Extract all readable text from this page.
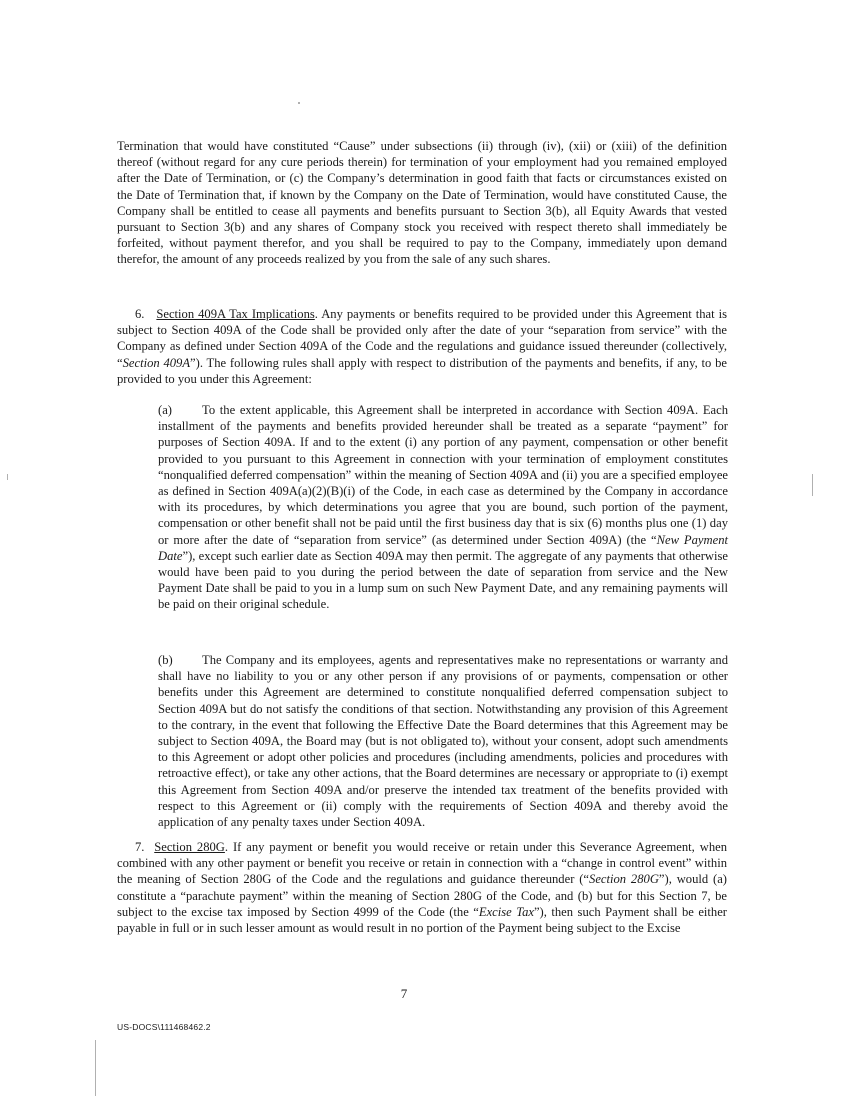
Termination that would have constituted “Cause” under subsections (ii) through (iv), (xii) or (xiii) of the definition thereof (without regard for any cure periods therein) for termination of your employment had you remained employed after the Date of Termination, or (c) the Company’s determination in good faith that facts or circumstances existed on the Date of Termination that, if known by the Company on the Date of Termination, would have constituted Cause, the Company shall be entitled to cease all payments and benefits pursuant to Section 3(b), all Equity Awards that vested pursuant to Section 3(b) and any shares of Company stock you received with respect thereto shall immediately be forfeited, without payment therefor, and you shall be required to pay to the Company, immediately upon demand therefor, the amount of any proceeds realized by you from the sale of any such shares.

6. Section 409A Tax Implications. Any payments or benefits required to be provided under this Agreement that is subject to Section 409A of the Code shall be provided only after the date of your “separation from service” with the Company as defined under Section 409A of the Code and the regulations and guidance issued thereunder (collectively, “Section 409A”). The following rules shall apply with respect to distribution of the payments and benefits, if any, to be provided to you under this Agreement:

(a) To the extent applicable, this Agreement shall be interpreted in accordance with Section 409A. Each installment of the payments and benefits provided hereunder shall be treated as a separate “payment” for purposes of Section 409A. If and to the extent (i) any portion of any payment, compensation or other benefit provided to you pursuant to this Agreement in connection with your termination of employment constitutes “nonqualified deferred compensation” within the meaning of Section 409A and (ii) you are a specified employee as defined in Section 409A(a)(2)(B)(i) of the Code, in each case as determined by the Company in accordance with its procedures, by which determinations you agree that you are bound, such portion of the payment, compensation or other benefit shall not be paid until the first business day that is six (6) months plus one (1) day or more after the date of “separation from service” (as determined under Section 409A) (the “New Payment Date”), except such earlier date as Section 409A may then permit. The aggregate of any payments that otherwise would have been paid to you during the period between the date of separation from service and the New Payment Date shall be paid to you in a lump sum on such New Payment Date, and any remaining payments will be paid on their original schedule.

(b) The Company and its employees, agents and representatives make no representations or warranty and shall have no liability to you or any other person if any provisions of or payments, compensation or other benefits under this Agreement are determined to constitute nonqualified deferred compensation subject to Section 409A but do not satisfy the conditions of that section. Notwithstanding any provision of this Agreement to the contrary, in the event that following the Effective Date the Board determines that this Agreement may be subject to Section 409A, the Board may (but is not obligated to), without your consent, adopt such amendments to this Agreement or adopt other policies and procedures (including amendments, policies and procedures with retroactive effect), or take any other actions, that the Board determines are necessary or appropriate to (i) exempt this Agreement from Section 409A and/or preserve the intended tax treatment of the benefits provided with respect to this Agreement or (ii) comply with the requirements of Section 409A and thereby avoid the application of any penalty taxes under Section 409A.

7. Section 280G. If any payment or benefit you would receive or retain under this Severance Agreement, when combined with any other payment or benefit you receive or retain in connection with a “change in control event” within the meaning of Section 280G of the Code and the regulations and guidance thereunder (“Section 280G”), would (a) constitute a “parachute payment” within the meaning of Section 280G of the Code, and (b) but for this Section 7, be subject to the excise tax imposed by Section 4999 of the Code (the “Excise Tax”), then such Payment shall be either payable in full or in such lesser amount as would result in no portion of the Payment being subject to the Excise

7
US-DOCS\111468462.2
